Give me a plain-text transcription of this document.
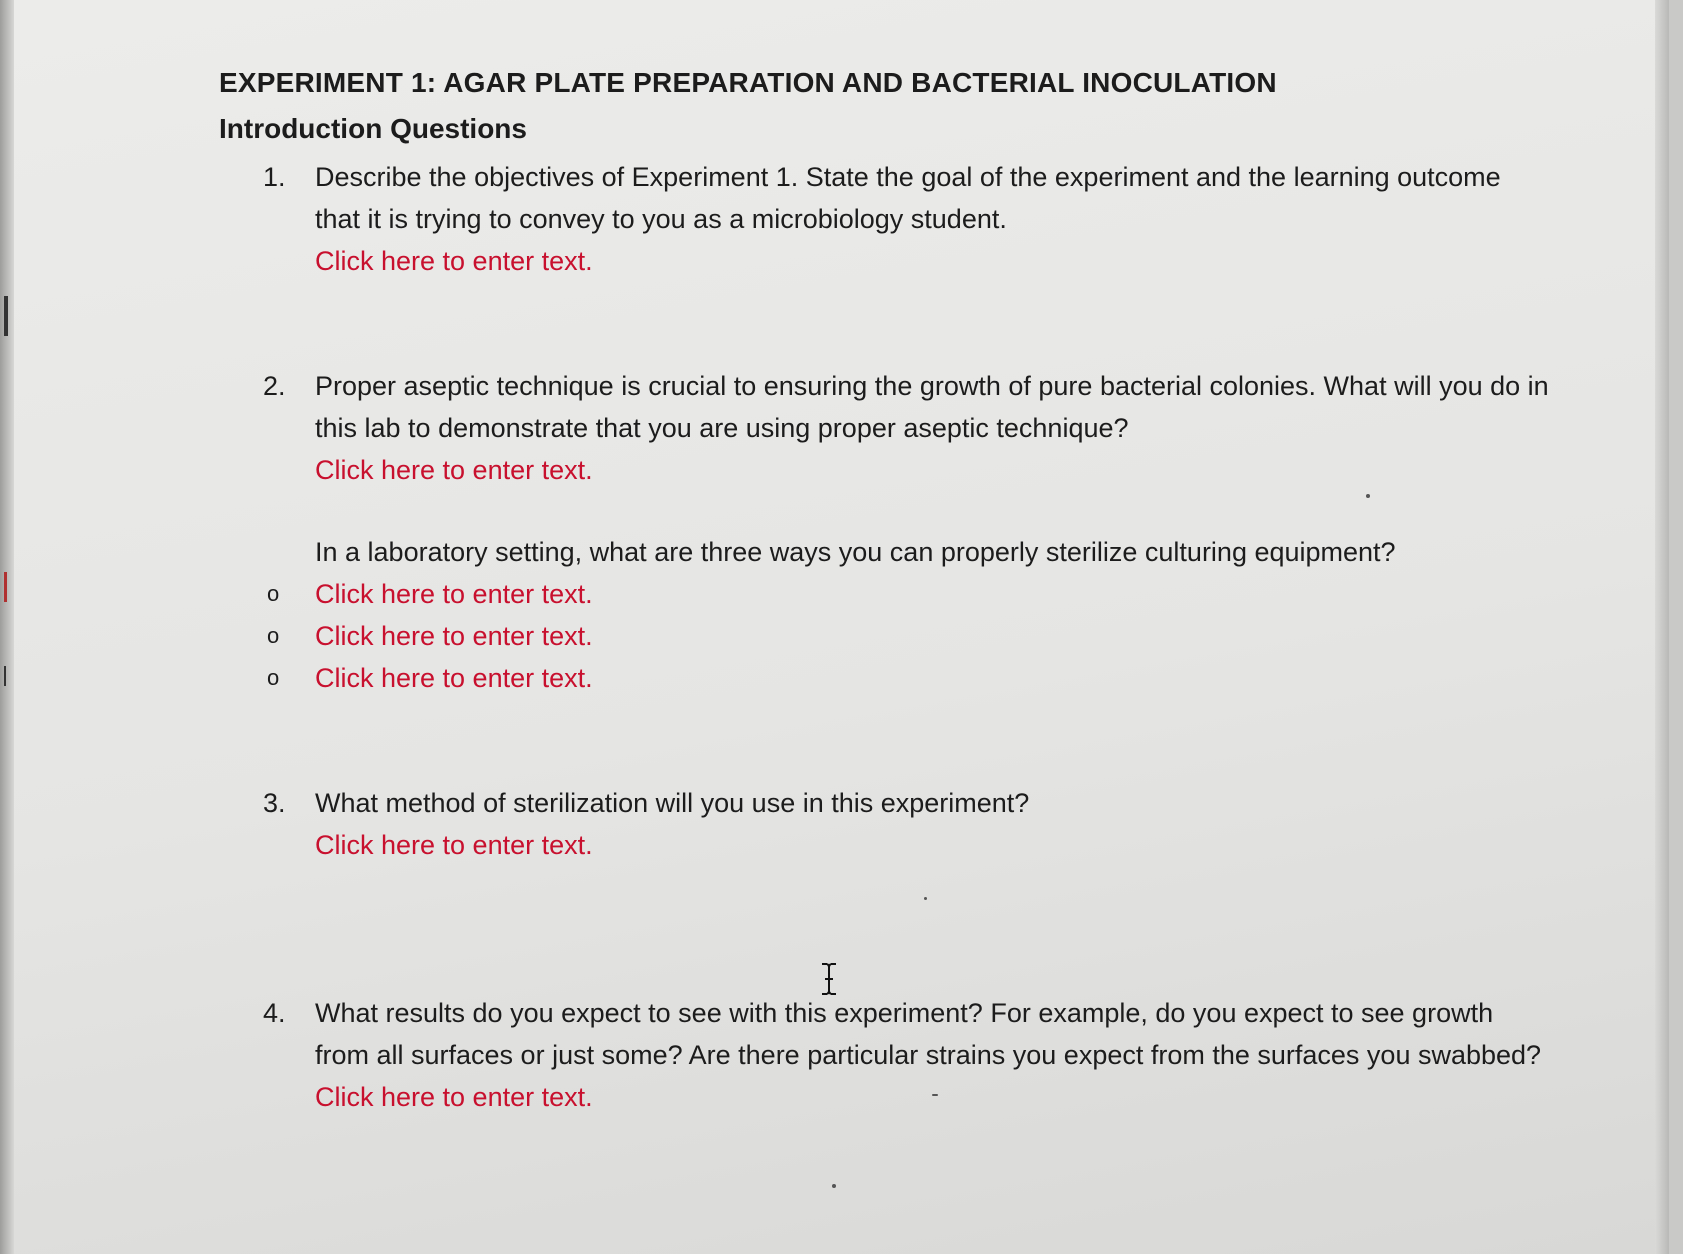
EXPERIMENT 1: AGAR PLATE PREPARATION AND BACTERIAL INOCULATION
Introduction Questions
1. Describe the objectives of Experiment 1. State the goal of the experiment and the learning outcome that it is trying to convey to you as a microbiology student.

Click here to enter text.
2. Proper aseptic technique is crucial to ensuring the growth of pure bacterial colonies. What will you do in this lab to demonstrate that you are using proper aseptic technique?

Click here to enter text.

In a laboratory setting, what are three ways you can properly sterilize culturing equipment?

o Click here to enter text.
o Click here to enter text.
o Click here to enter text.
3. What method of sterilization will you use in this experiment?

Click here to enter text.
4. What results do you expect to see with this experiment? For example, do you expect to see growth from all surfaces or just some? Are there particular strains you expect from the surfaces you swabbed?

Click here to enter text.
